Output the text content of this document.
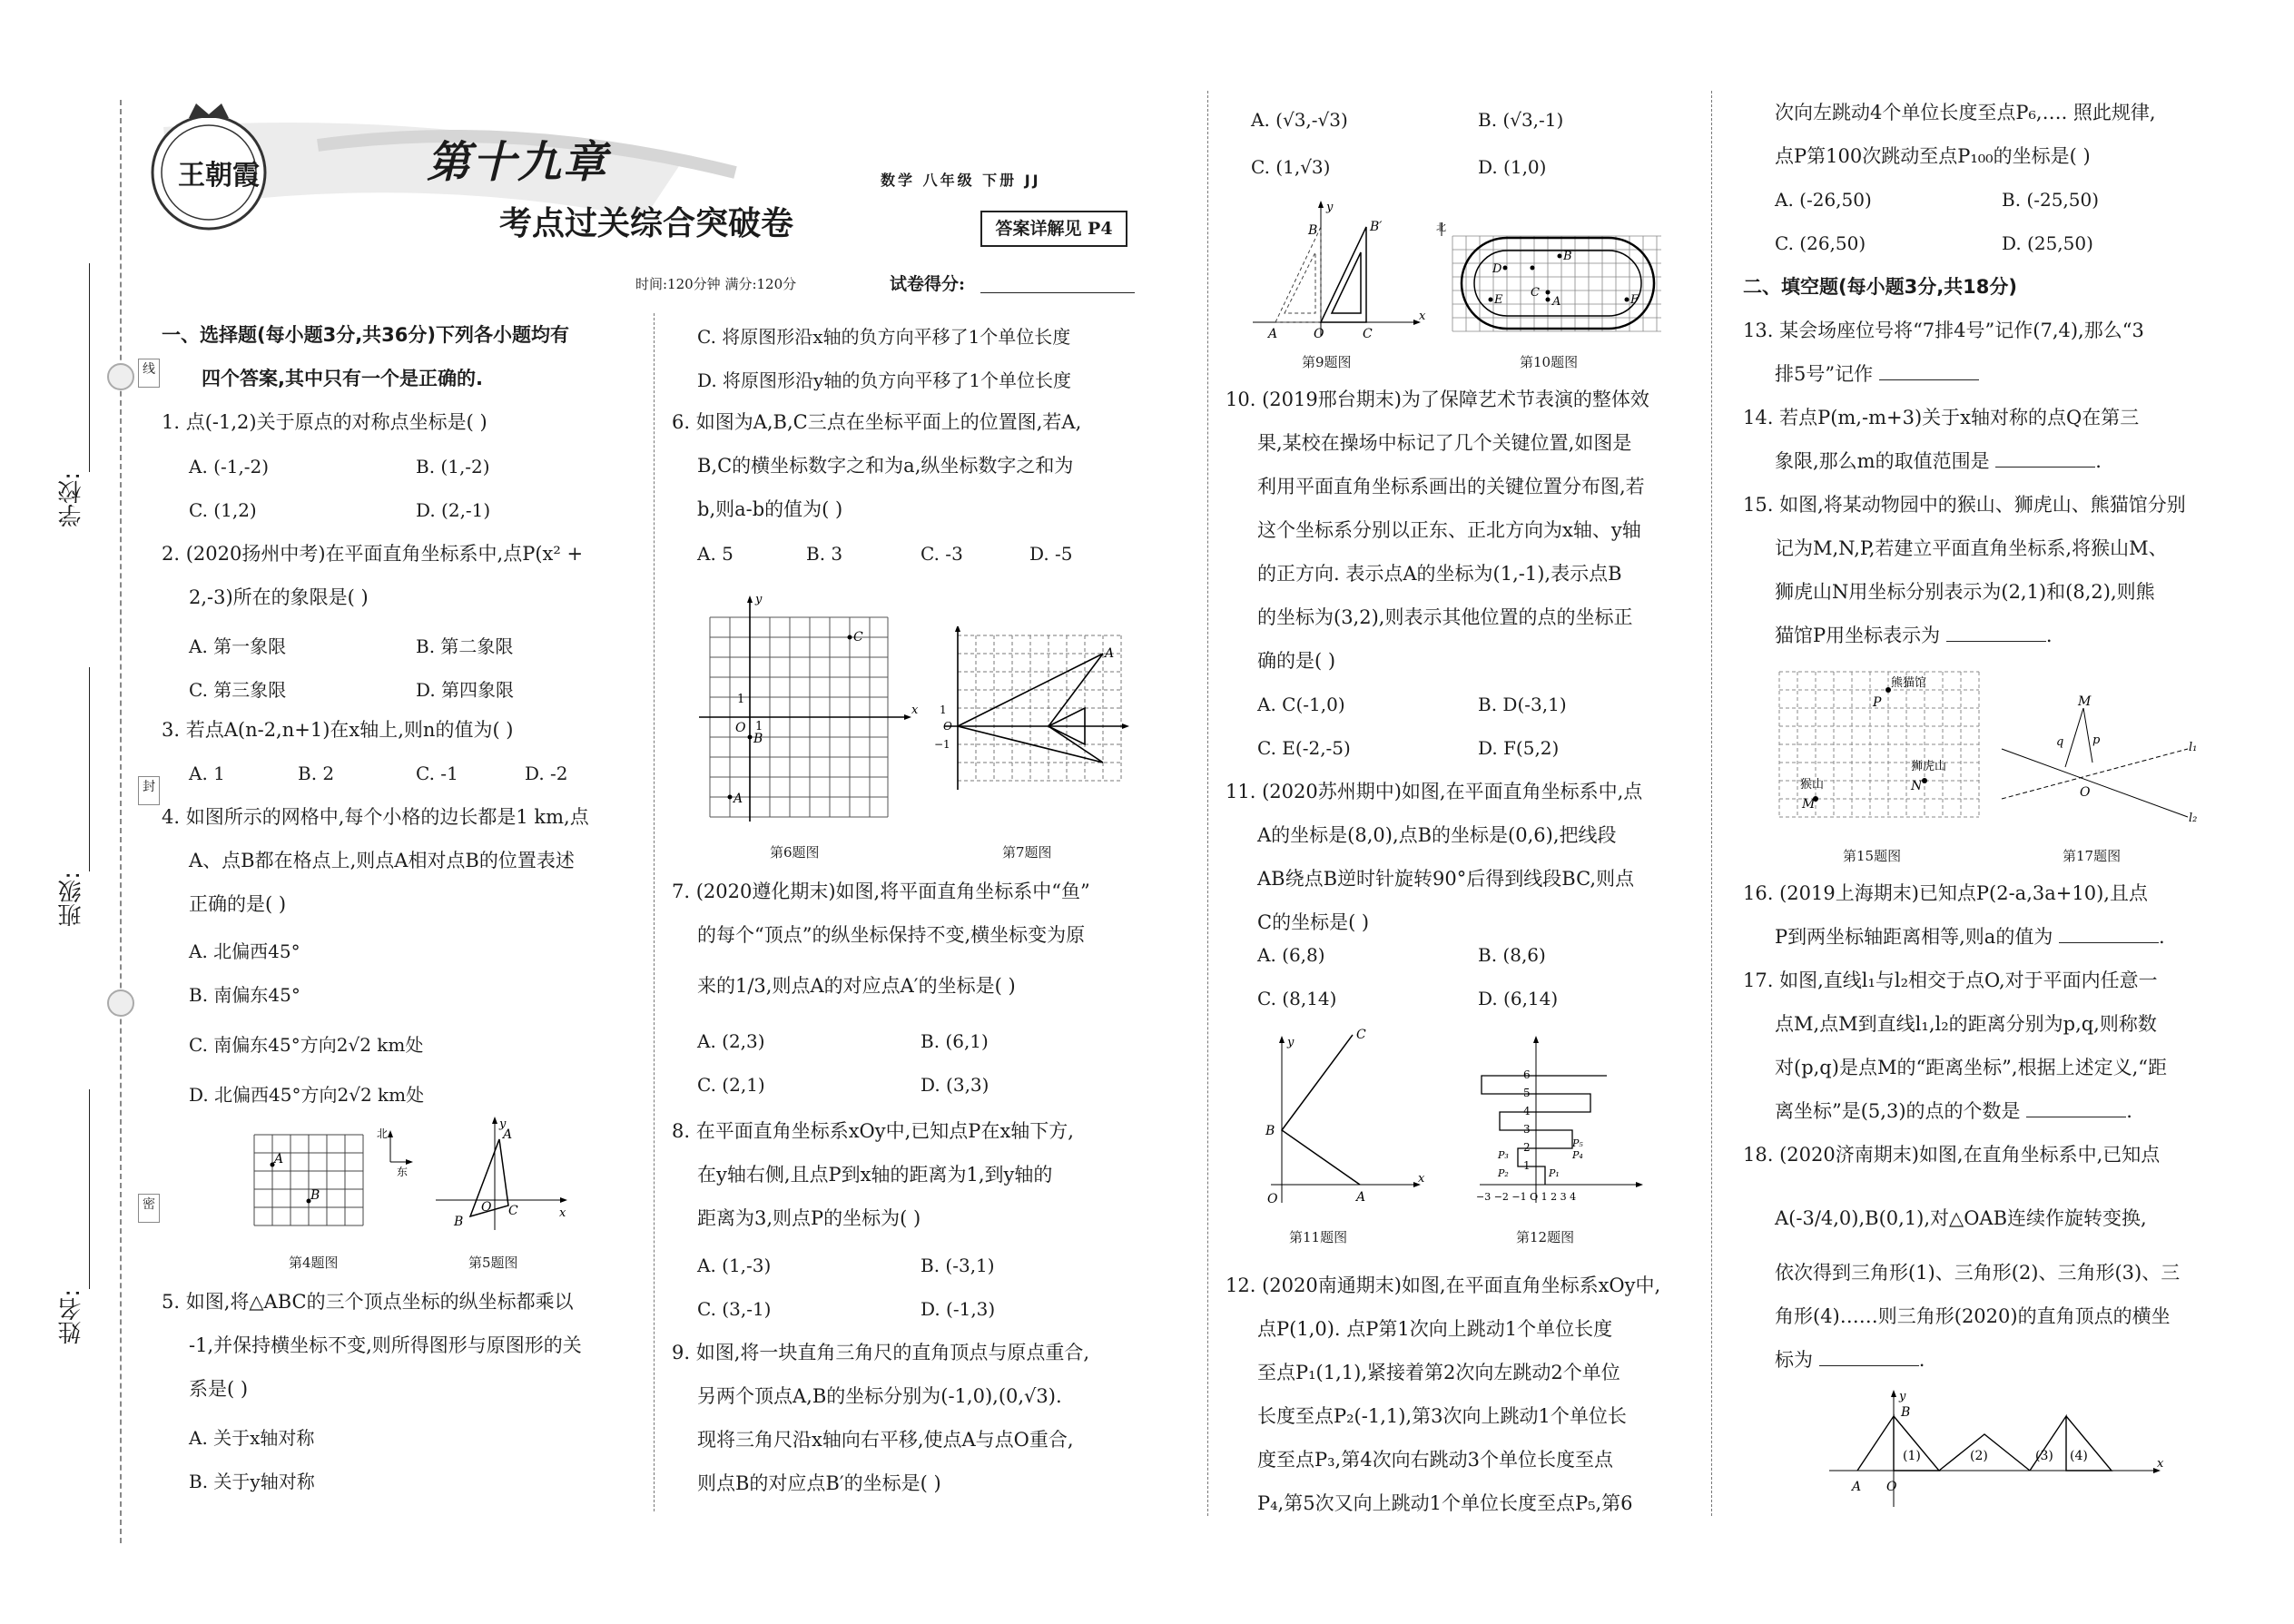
学校:
班级:
姓名:
线
封
密
王朝霞	第十九章
考点过关综合突破卷
数学 八年级 下册 JJ
答案详解见 P4
时间:120分钟 满分:120分	试卷得分:
一、选择题(每小题3分,共36分)下列各小题均有
四个答案,其中只有一个是正确的.
1. 点(-1,2)关于原点的对称点坐标是( )
A. (-1,-2)	B. (1,-2)
C. (1,2)	D. (2,-1)
2. (2020扬州中考)在平面直角坐标系中,点P(x² +
2,-3)所在的象限是( )
A. 第一象限	B. 第二象限
C. 第三象限	D. 第四象限
3. 若点A(n-2,n+1)在x轴上,则n的值为( )
A. 1	B. 2	C. -1	D. -2
4. 如图所示的网格中,每个小格的边长都是1 km,点
A、点B都在格点上,则点A相对点B的位置表述
正确的是( )
A. 北偏西45°
B. 南偏东45°
C. 南偏东45°方向2√2 km处
D. 北偏西45°方向2√2 km处
A
B
北
东
第4题图
A
B
C
O	x
y
第5题图
5. 如图,将△ABC的三个顶点坐标的纵坐标都乘以
-1,并保持横坐标不变,则所得图形与原图形的关
系是( )
A. 关于x轴对称
B. 关于y轴对称
C. 将原图形沿x轴的负方向平移了1个单位长度
D. 将原图形沿y轴的负方向平移了1个单位长度
6. 如图为A,B,C三点在坐标平面上的位置图,若A,
B,C的横坐标数字之和为a,纵坐标数字之和为
b,则a-b的值为( )
A. 5	B. 3	C. -3	D. -5
C
B
A
O 1
1
x
y
第6题图
A
1
O
−1
第7题图
7. (2020遵化期末)如图,将平面直角坐标系中“鱼”
的每个“顶点”的纵坐标保持不变,横坐标变为原
来的1/3,则点A的对应点A′的坐标是( )
A. (2,3)	B. (6,1)
C. (2,1)	D. (3,3)
8. 在平面直角坐标系xOy中,已知点P在x轴下方,
在y轴右侧,且点P到x轴的距离为1,到y轴的
距离为3,则点P的坐标为( )
A. (1,-3)	B. (-3,1)
C. (3,-1)	D. (-1,3)
9. 如图,将一块直角三角尺的直角顶点与原点重合,
另两个顶点A,B的坐标分别为(-1,0),(0,√3).
现将三角尺沿x轴向右平移,使点A与点O重合,
则点B的对应点B′的坐标是( )
A. (√3,-√3)	B. (√3,-1)
C. (1,√3)	D. (1,0)
B	B′
A	O	C
x
y
第9题图
D
B
E
C
A	F
北
第10题图
10. (2019邢台期末)为了保障艺术节表演的整体效
果,某校在操场中标记了几个关键位置,如图是
利用平面直角坐标系画出的关键位置分布图,若
这个坐标系分别以正东、正北方向为x轴、y轴
的正方向. 表示点A的坐标为(1,-1),表示点B
的坐标为(3,2),则表示其他位置的点的坐标正
确的是( )
A. C(-1,0)	B. D(-3,1)
C. E(-2,-5)	D. F(5,2)
11. (2020苏州期中)如图,在平面直角坐标系中,点
A的坐标是(8,0),点B的坐标是(0,6),把线段
AB绕点B逆时针旋转90°后得到线段BC,则点
C的坐标是( )
A. (6,8)	B. (8,6)
C. (8,14)	D. (6,14)
C
B
A
O
x
y
第11题图
6
5
4
3
2
1
P₅
P₄
P₃
P₂	P₁
−3 −2 −1 O 1 2 3 4
第12题图
12. (2020南通期末)如图,在平面直角坐标系xOy中,
点P(1,0). 点P第1次向上跳动1个单位长度
至点P₁(1,1),紧接着第2次向左跳动2个单位
长度至点P₂(-1,1),第3次向上跳动1个单位长
度至点P₃,第4次向右跳动3个单位长度至点
P₄,第5次又向上跳动1个单位长度至点P₅,第6
次向左跳动4个单位长度至点P₆,…. 照此规律,
点P第100次跳动至点P₁₀₀的坐标是( )
A. (-26,50)	B. (-25,50)
C. (26,50)	D. (25,50)
二、填空题(每小题3分,共18分)
13. 某会场座位号将“7排4号”记作(7,4),那么“3
排5号”记作
14. 若点P(m,-m+3)关于x轴对称的点Q在第三
象限,那么m的取值范围是	.
15. 如图,将某动物园中的猴山、狮虎山、熊猫馆分别
记为M,N,P,若建立平面直角坐标系,将猴山M、
狮虎山N用坐标分别表示为(2,1)和(8,2),则熊
猫馆P用坐标表示为	.
P
M
N
熊猫馆
狮虎山
猴山
第15题图
M
q p
O
l₁
l₂
第17题图
16. (2019上海期末)已知点P(2-a,3a+10),且点
P到两坐标轴距离相等,则a的值为	.
17. 如图,直线l₁与l₂相交于点O,对于平面内任意一
点M,点M到直线l₁,l₂的距离分别为p,q,则称数
对(p,q)是点M的“距离坐标”,根据上述定义,“距
离坐标”是(5,3)的点的个数是	.
18. (2020济南期末)如图,在直角坐标系中,已知点
A(-3/4,0),B(0,1),对△OAB连续作旋转变换,
依次得到三角形(1)、三角形(2)、三角形(3)、三
角形(4)……则三角形(2020)的直角顶点的横坐
标为	.
B
A O
(1)	(2)	(3) (4)
x
y
